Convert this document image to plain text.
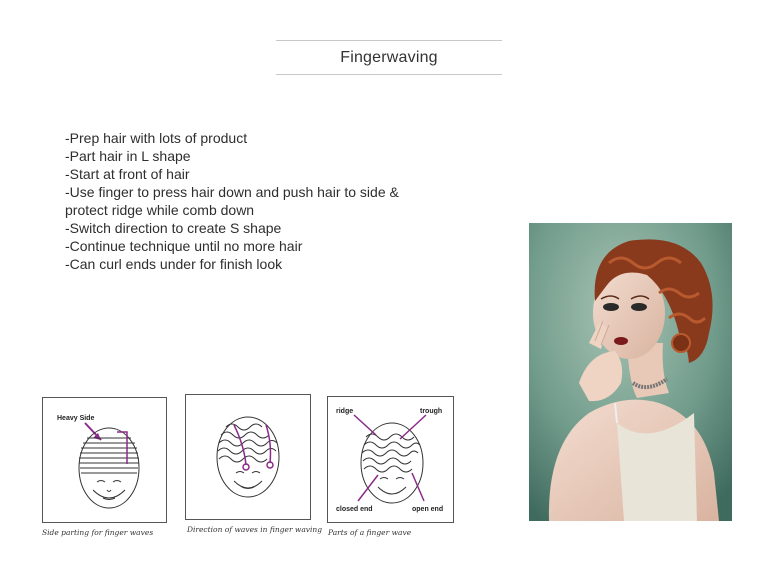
Fingerwaving
-Prep hair with lots of product
-Part hair in L shape
-Start at front of hair
-Use finger to press hair down and push hair to side & protect ridge while comb down
-Switch direction to create S shape
-Continue technique until no more hair
-Can curl ends under for finish look
Heavy Side
Side parting for finger waves	Direction of waves in finger waving
ridge	trough
closed end	open end
Parts of a finger wave
